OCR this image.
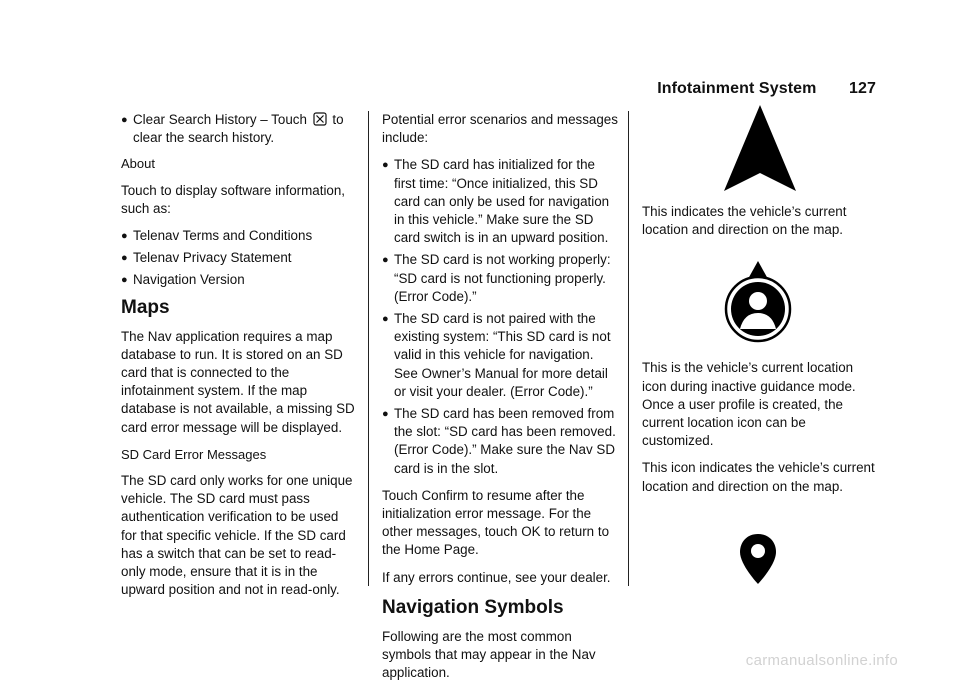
Infotainment System 127
● Clear Search History – Touch to clear the search history.

About

Touch to display software information, such as:

● Telenav Terms and Conditions
● Telenav Privacy Statement
● Navigation Version
Maps

The Nav application requires a map database to run. It is stored on an SD card that is connected to the infotainment system. If the map database is not available, a missing SD card error message will be displayed.

SD Card Error Messages

The SD card only works for one unique vehicle. The SD card must pass authentication verification to be used for that specific vehicle. If the SD card has a switch that can be set to read-only mode, ensure that it is in the upward position and not in read-only.

Potential error scenarios and messages include:

● The SD card has initialized for the first time: “Once initialized, this SD card can only be used for navigation in this vehicle.” Make sure the SD card switch is in an upward position.
● The SD card is not working properly: “SD card is not functioning properly. (Error Code).”
● The SD card is not paired with the existing system: “This SD card is not valid in this vehicle for navigation. See Owner’s Manual for more detail or visit your dealer. (Error Code).”
● The SD card has been removed from the slot: “SD card has been removed. (Error Code).” Make sure the Nav SD card is in the slot.

Touch Confirm to resume after the initialization error message. For the other messages, touch OK to return to the Home Page.

If any errors continue, see your dealer.

Navigation Symbols

Following are the most common symbols that may appear in the Nav application.

This indicates the vehicle’s current location and direction on the map.

This is the vehicle’s current location icon during inactive guidance mode. Once a user profile is created, the current location icon can be customized.

This icon indicates the vehicle’s current location and direction on the map.

carmanualsonline.info
